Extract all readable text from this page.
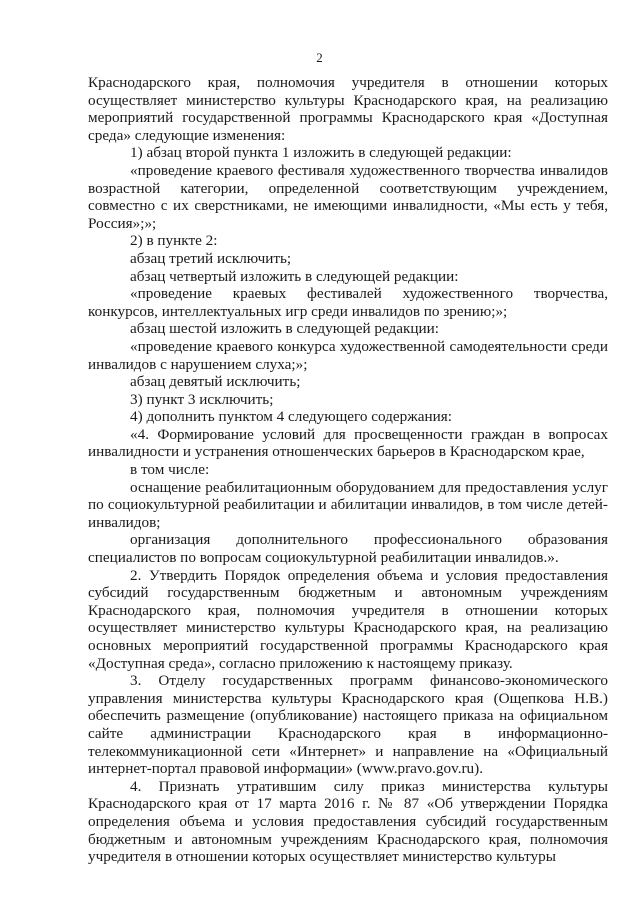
2

Краснодарского края, полномочия учредителя в отношении которых осуществляет министерство культуры Краснодарского края, на реализацию мероприятий государственной программы Краснодарского края «Доступная среда» следующие изменения:

1) абзац второй пункта 1 изложить в следующей редакции:

«проведение краевого фестиваля художественного творчества инвалидов возрастной категории, определенной соответствующим учреждением, совместно с их сверстниками, не имеющими инвалидности, «Мы есть у тебя, Россия»;»;

2) в пункте 2:

абзац третий исключить;

абзац четвертый изложить в следующей редакции:

«проведение краевых фестивалей художественного творчества, конкурсов, интеллектуальных игр среди инвалидов по зрению;»;

абзац шестой изложить в следующей редакции:

«проведение краевого конкурса художественной самодеятельности среди инвалидов с нарушением слуха;»;

абзац девятый исключить;

3) пункт 3 исключить;

4) дополнить пунктом 4 следующего содержания:

«4. Формирование условий для просвещенности граждан в вопросах инвалидности и устранения отношенческих барьеров в Краснодарском крае,

в том числе:

оснащение реабилитационным оборудованием для предоставления услуг по социокультурной реабилитации и абилитации инвалидов, в том числе детей-инвалидов;

организация дополнительного профессионального образования специалистов по вопросам социокультурной реабилитации инвалидов.».

2. Утвердить Порядок определения объема и условия предоставления субсидий государственным бюджетным и автономным учреждениям Краснодарского края, полномочия учредителя в отношении которых осуществляет министерство культуры Краснодарского края, на реализацию основных мероприятий государственной программы Краснодарского края «Доступная среда», согласно приложению к настоящему приказу.

3. Отделу государственных программ финансово-экономического управления министерства культуры Краснодарского края (Ощепкова Н.В.) обеспечить размещение (опубликование) настоящего приказа на официальном сайте администрации Краснодарского края в информационно-телекоммуникационной сети «Интернет» и направление на «Официальный интернет-портал правовой информации» (www.pravo.gov.ru).

4. Признать утратившим силу приказ министерства культуры Краснодарского края от 17 марта 2016 г. № 87 «Об утверждении Порядка определения объема и условия предоставления субсидий государственным бюджетным и автономным учреждениям Краснодарского края, полномочия учредителя в отношении которых осуществляет министерство культуры
